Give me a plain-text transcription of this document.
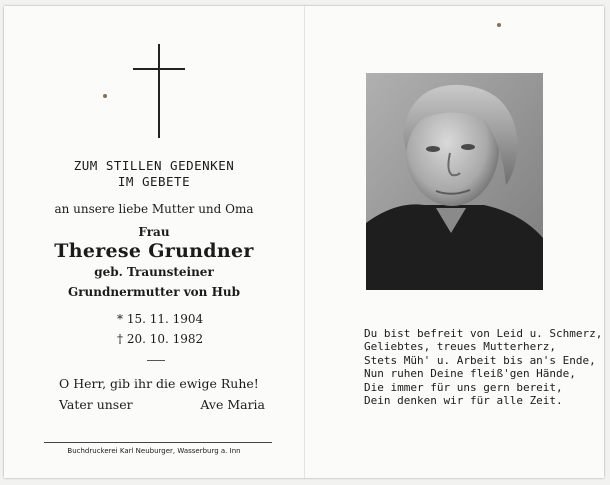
ZUM STILLEN GEDENKEN
IM GEBETE
an unsere liebe Mutter und Oma
Frau
Therese Grundner
geb. Traunsteiner
Grundnermutter von Hub
* 15. 11. 1904
† 20. 10. 1982
O Herr, gib ihr die ewige Ruhe!
Vater unser	Ave Maria
Buchdruckerei Karl Neuburger, Wasserburg a. Inn
Du bist befreit von Leid u. Schmerz,
Geliebtes, treues Mutterherz,
Stets Müh' u. Arbeit bis an's Ende,
Nun ruhen Deine fleiß'gen Hände,
Die immer für uns gern bereit,
Dein denken wir für alle Zeit.
